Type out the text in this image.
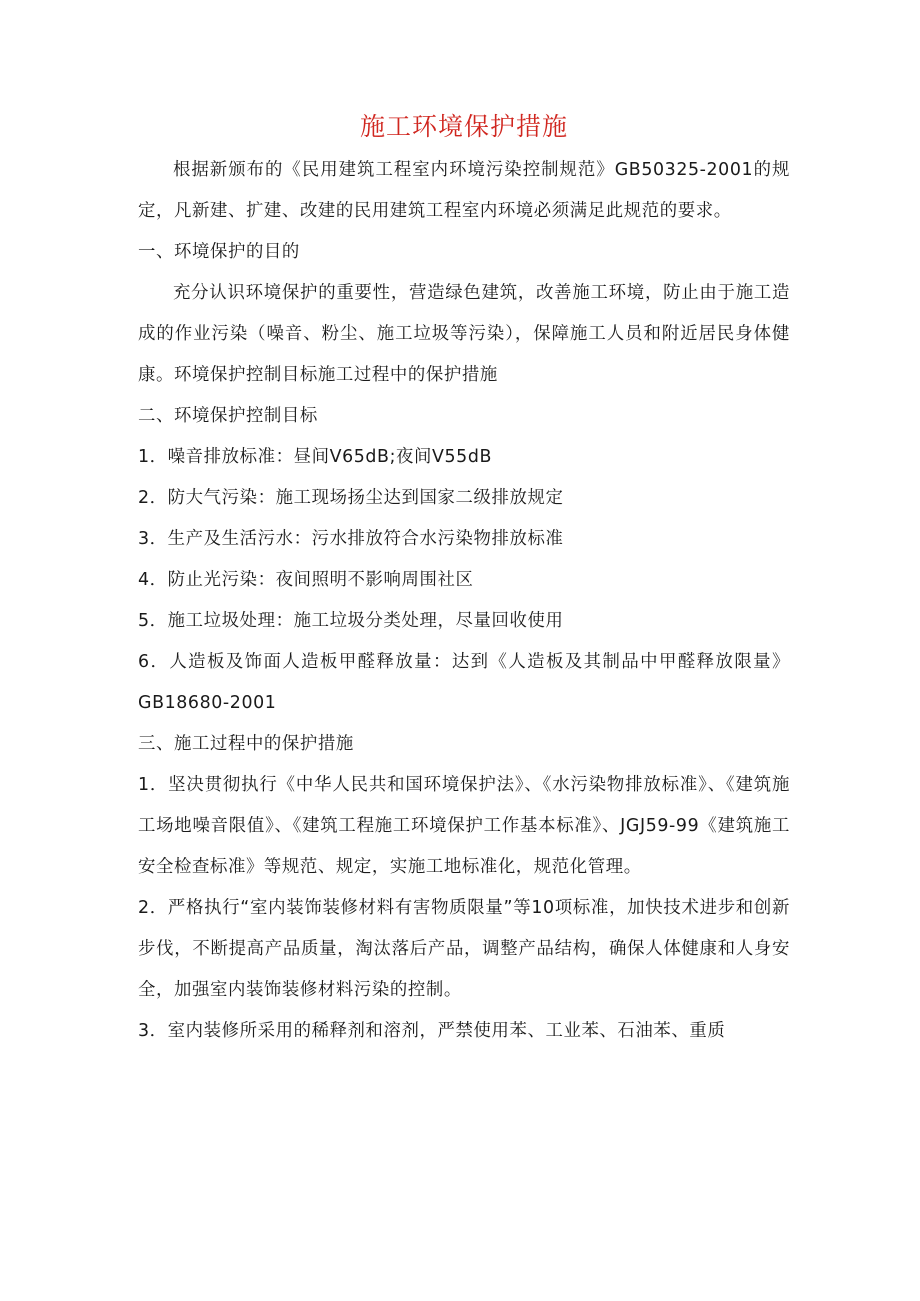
施工环境保护措施

根据新颁布的《民用建筑工程室内环境污染控制规范》GB50325-2001的规定，凡新建、扩建、改建的民用建筑工程室内环境必须满足此规范的要求。

一、环境保护的目的

充分认识环境保护的重要性，营造绿色建筑，改善施工环境，防止由于施工造成的作业污染（噪音、粉尘、施工垃圾等污染），保障施工人员和附近居民身体健康。环境保护控制目标施工过程中的保护措施

二、环境保护控制目标

1．噪音排放标准：昼间V65dB;夜间V55dB

2．防大气污染：施工现场扬尘达到国家二级排放规定

3．生产及生活污水：污水排放符合水污染物排放标准

4．防止光污染：夜间照明不影响周围社区

5．施工垃圾处理：施工垃圾分类处理，尽量回收使用

6．人造板及饰面人造板甲醛释放量：达到《人造板及其制品中甲醛释放限量》GB18680-2001

三、施工过程中的保护措施

1．坚决贯彻执行《中华人民共和国环境保护法》、《水污染物排放标准》、《建筑施工场地噪音限值》、《建筑工程施工环境保护工作基本标准》、JGJ59-99《建筑施工安全检查标准》等规范、规定，实施工地标准化，规范化管理。

2．严格执行“室内装饰装修材料有害物质限量”等10项标准，加快技术进步和创新步伐，不断提高产品质量，淘汰落后产品，调整产品结构，确保人体健康和人身安全，加强室内装饰装修材料污染的控制。

3．室内装修所采用的稀释剂和溶剂，严禁使用苯、工业苯、石油苯、重质
